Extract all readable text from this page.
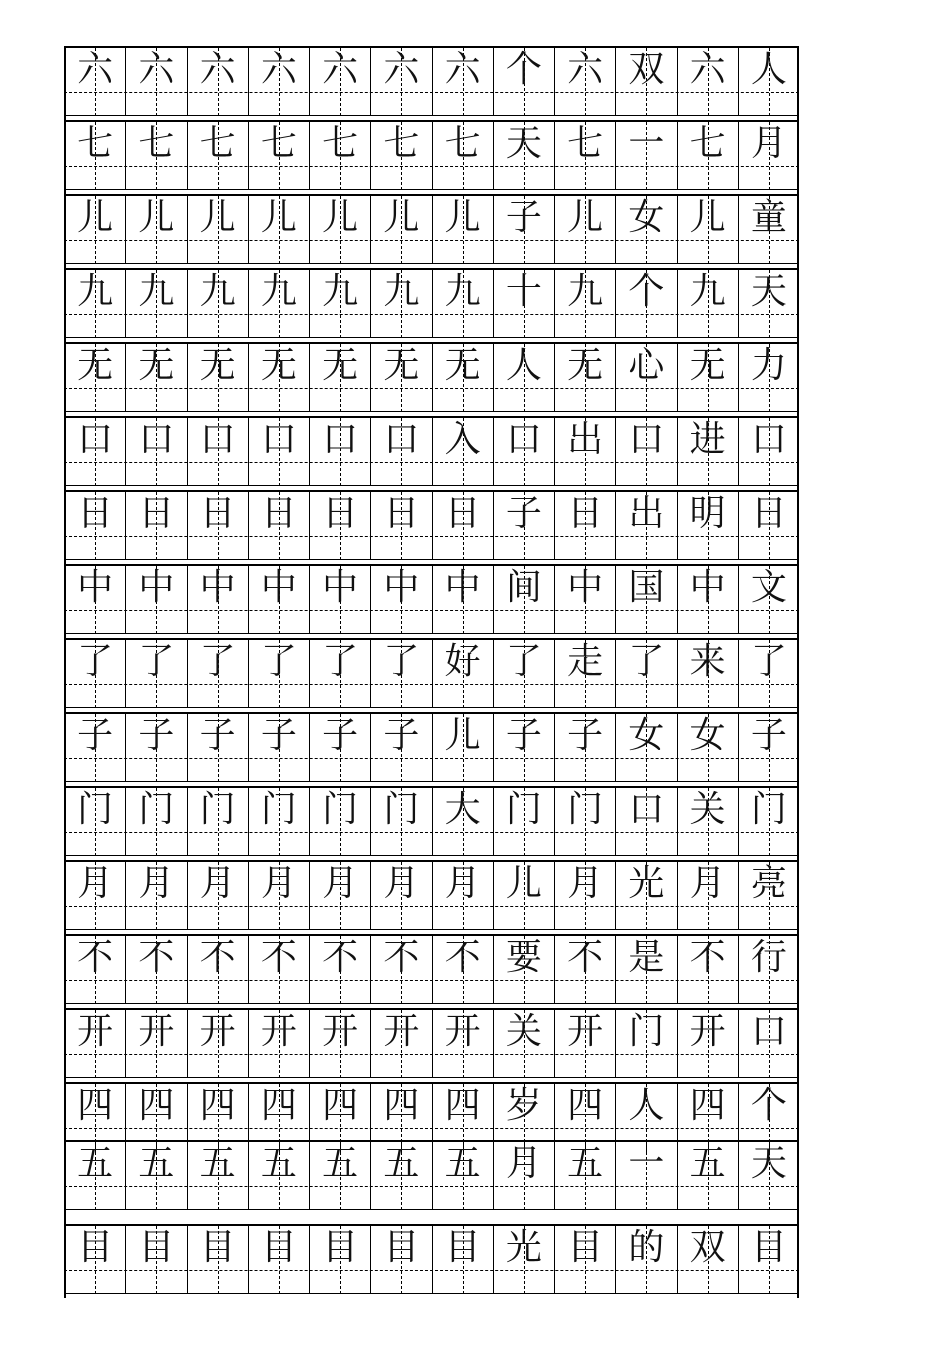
六 六 六 六 六 六 六 个 六 双 六 人
七 七 七 七 七 七 七 天 七 一 七 月
儿 儿 儿 儿 儿 儿 儿 子 儿 女 儿 童
九 九 九 九 九 九 九 十 九 个 九 天
无 无 无 无 无 无 无 人 无 心 无 力
口 口 口 口 口 口 入 口 出 口 进 口
日 日 日 日 日 日 日 子 日 出 明 日
中 中 中 中 中 中 中 间 中 国 中 文
了 了 了 了 了 了 好 了 走 了 来 了
子 子 子 子 子 子 儿 子 子 女 女 子
门 门 门 门 门 门 大 门 门 口 关 门
月 月 月 月 月 月 月 儿 月 光 月 亮
不 不 不 不 不 不 不 要 不 是 不 行
开 开 开 开 开 开 开 关 开 门 开 口
四 四 四 四 四 四 四 岁 四 人 四 个
五 五 五 五 五 五 五 月 五 一 五 天
目 目 目 目 目 目 目 光 目 的 双 目
